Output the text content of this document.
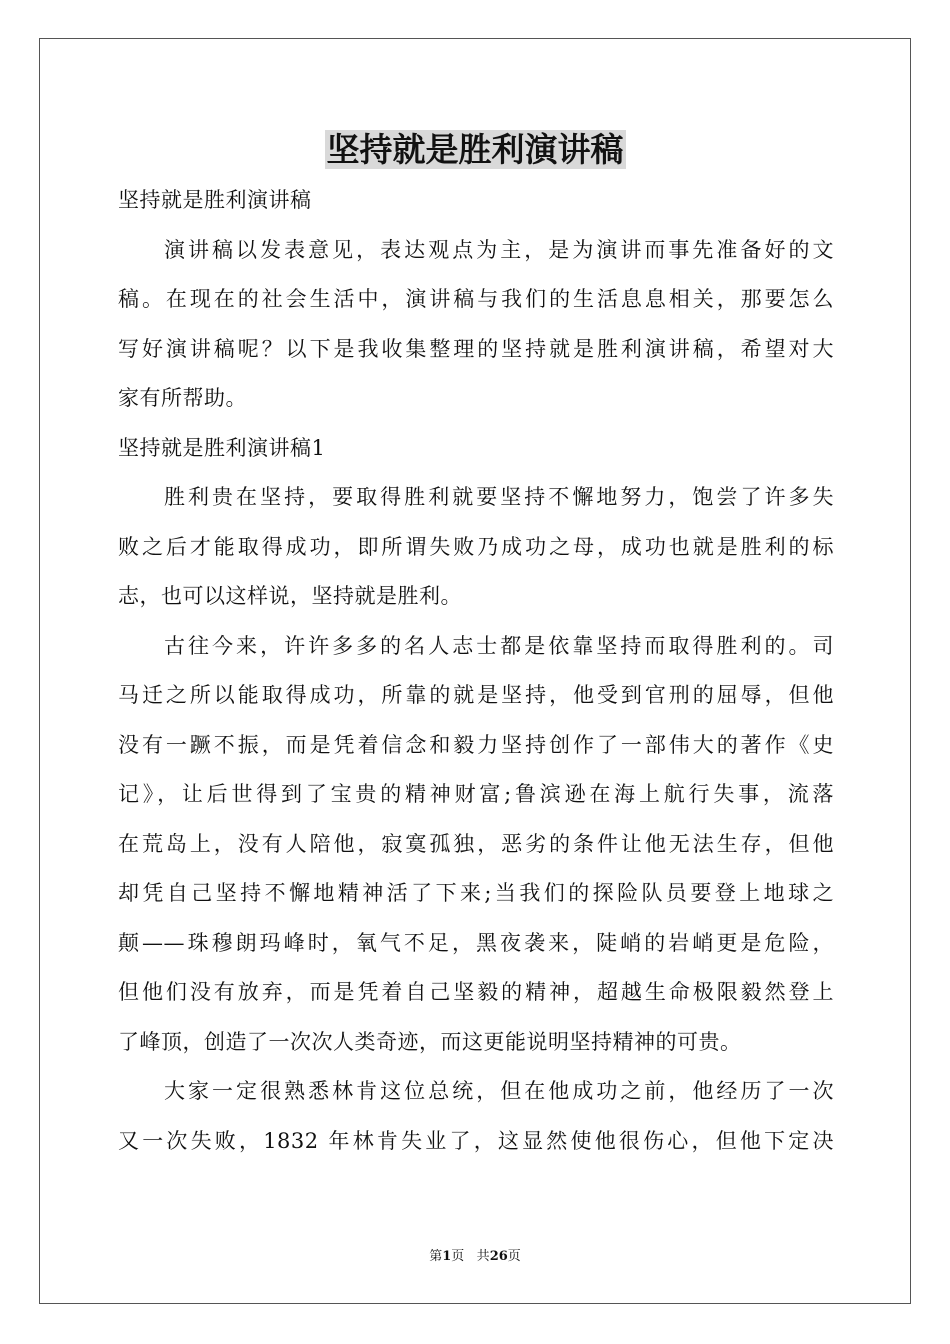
坚持就是胜利演讲稿
坚持就是胜利演讲稿
演讲稿以发表意见，表达观点为主，是为演讲而事先准备好的文
稿。在现在的社会生活中，演讲稿与我们的生活息息相关，那要怎么
写好演讲稿呢？以下是我收集整理的坚持就是胜利演讲稿，希望对大
家有所帮助。
坚持就是胜利演讲稿1
胜利贵在坚持，要取得胜利就要坚持不懈地努力，饱尝了许多失
败之后才能取得成功，即所谓失败乃成功之母，成功也就是胜利的标
志，也可以这样说，坚持就是胜利。
古往今来，许许多多的名人志士都是依靠坚持而取得胜利的。司
马迁之所以能取得成功，所靠的就是坚持，他受到官刑的屈辱，但他
没有一蹶不振，而是凭着信念和毅力坚持创作了一部伟大的著作《史
记》，让后世得到了宝贵的精神财富;鲁滨逊在海上航行失事，流落
在荒岛上，没有人陪他，寂寞孤独，恶劣的条件让他无法生存，但他
却凭自己坚持不懈地精神活了下来;当我们的探险队员要登上地球之
颠——珠穆朗玛峰时，氧气不足，黑夜袭来，陡峭的岩峭更是危险，
但他们没有放弃，而是凭着自己坚毅的精神，超越生命极限毅然登上
了峰顶，创造了一次次人类奇迹，而这更能说明坚持精神的可贵。
大家一定很熟悉林肯这位总统，但在他成功之前，他经历了一次
又一次失败，1832 年林肯失业了，这显然使他很伤心，但他下定决
第1页 共26页
